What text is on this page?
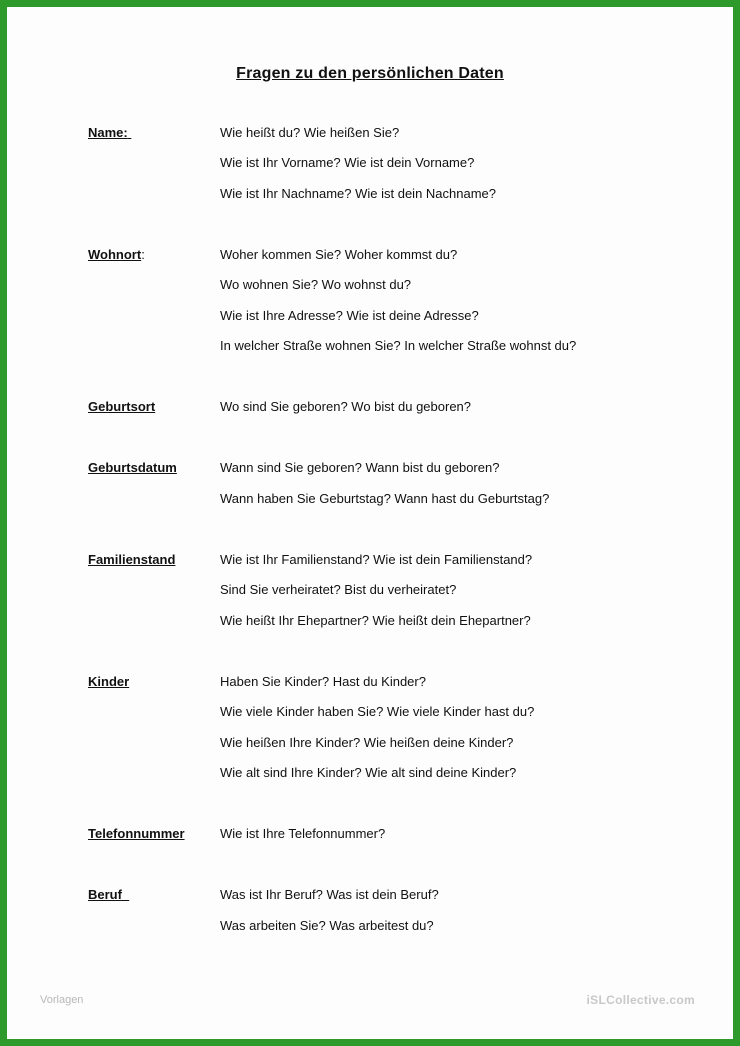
Fragen zu den persönlichen Daten
Name:	Wie heißt du? Wie heißen Sie?
Wie ist Ihr Vorname? Wie ist dein Vorname?
Wie ist Ihr Nachname? Wie ist dein Nachname?
Wohnort:	Woher kommen Sie? Woher kommst du?
Wo wohnen Sie? Wo wohnst du?
Wie ist Ihre Adresse? Wie ist deine Adresse?
In welcher Straße wohnen Sie? In welcher Straße wohnst du?
Geburtsort	Wo sind Sie geboren? Wo bist du geboren?
Geburtsdatum	Wann sind Sie geboren? Wann bist du geboren?
Wann haben Sie Geburtstag? Wann hast du Geburtstag?
Familienstand	Wie ist Ihr Familienstand? Wie ist dein Familienstand?
Sind Sie verheiratet? Bist du verheiratet?
Wie heißt Ihr Ehepartner? Wie heißt dein Ehepartner?
Kinder	Haben Sie Kinder? Hast du Kinder?
Wie viele Kinder haben Sie? Wie viele Kinder hast du?
Wie heißen Ihre Kinder? Wie heißen deine Kinder?
Wie alt sind Ihre Kinder? Wie alt sind deine Kinder?
Telefonnummer	Wie ist Ihre Telefonnummer?
Beruf	Was ist Ihr Beruf? Was ist dein Beruf?
Was arbeiten Sie? Was arbeitest du?
Vorlagen	iSLCollective.com
